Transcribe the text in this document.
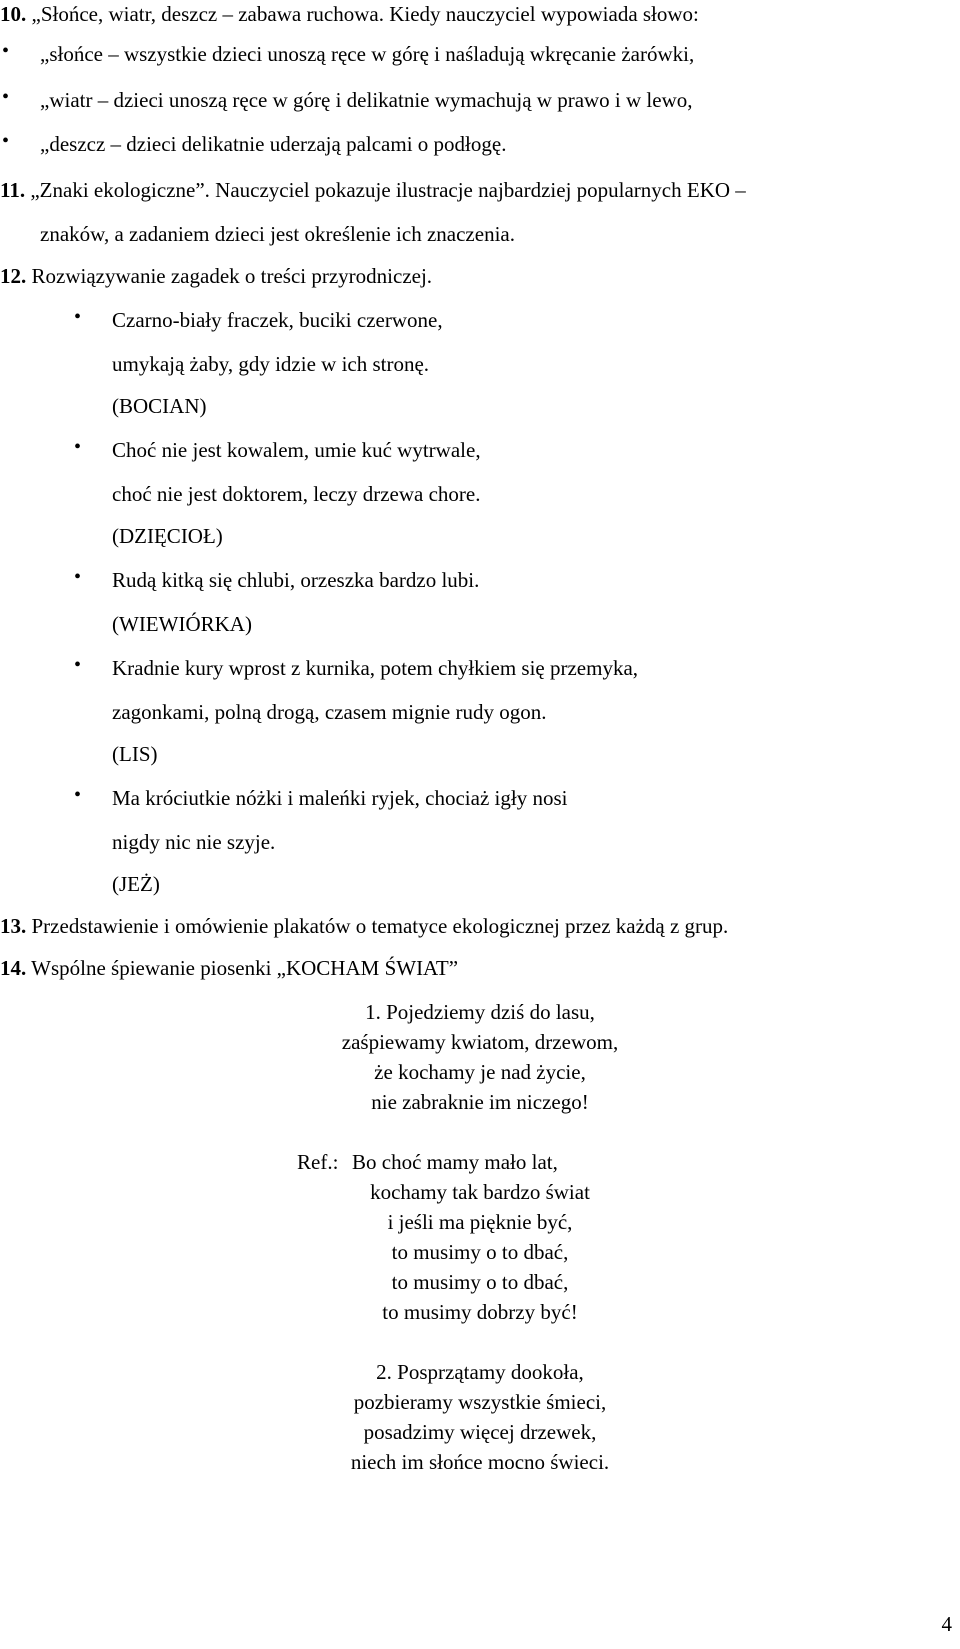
10. „Słońce, wiatr, deszcz – zabawa ruchowa. Kiedy nauczyciel wypowiada słowo:
• „słońce – wszystkie dzieci unoszą ręce w górę i naśladują wkręcanie żarówki,
• „wiatr – dzieci unoszą ręce w górę i delikatnie wymachują w prawo i w lewo,
• „deszcz – dzieci delikatnie uderzają palcami o podłogę.
11. „Znaki ekologiczne”. Nauczyciel pokazuje ilustracje najbardziej popularnych EKO –
znaków, a zadaniem dzieci jest określenie ich znaczenia.
12. Rozwiązywanie zagadek o treści przyrodniczej.
• Czarno-biały fraczek, buciki czerwone,
umykają żaby, gdy idzie w ich stronę.
(BOCIAN)
• Choć nie jest kowalem, umie kuć wytrwale,
choć nie jest doktorem, leczy drzewa chore.
(DZIĘCIOŁ)
• Rudą kitką się chlubi, orzeszka bardzo lubi.
(WIEWIÓRKA)
• Kradnie kury wprost z kurnika, potem chyłkiem się przemyka,
zagonkami, polną drogą, czasem mignie rudy ogon.
(LIS)
• Ma króciutkie nóżki i maleńki ryjek, chociaż igły nosi
nigdy nic nie szyje.
(JEŻ)
13. Przedstawienie i omówienie plakatów o tematyce ekologicznej przez każdą z grup.
14. Wspólne śpiewanie piosenki „KOCHAM ŚWIAT”
1. Pojedziemy dziś do lasu,
zaśpiewamy kwiatom, drzewom,
że kochamy je nad życie,
nie zabraknie im niczego!
Ref.: Bo choć mamy mało lat,
kochamy tak bardzo świat
i jeśli ma pięknie być,
to musimy o to dbać,
to musimy o to dbać,
to musimy dobrzy być!
2. Posprzątamy dookoła,
pozbieramy wszystkie śmieci,
posadzimy więcej drzewek,
niech im słońce mocno świeci.
4
